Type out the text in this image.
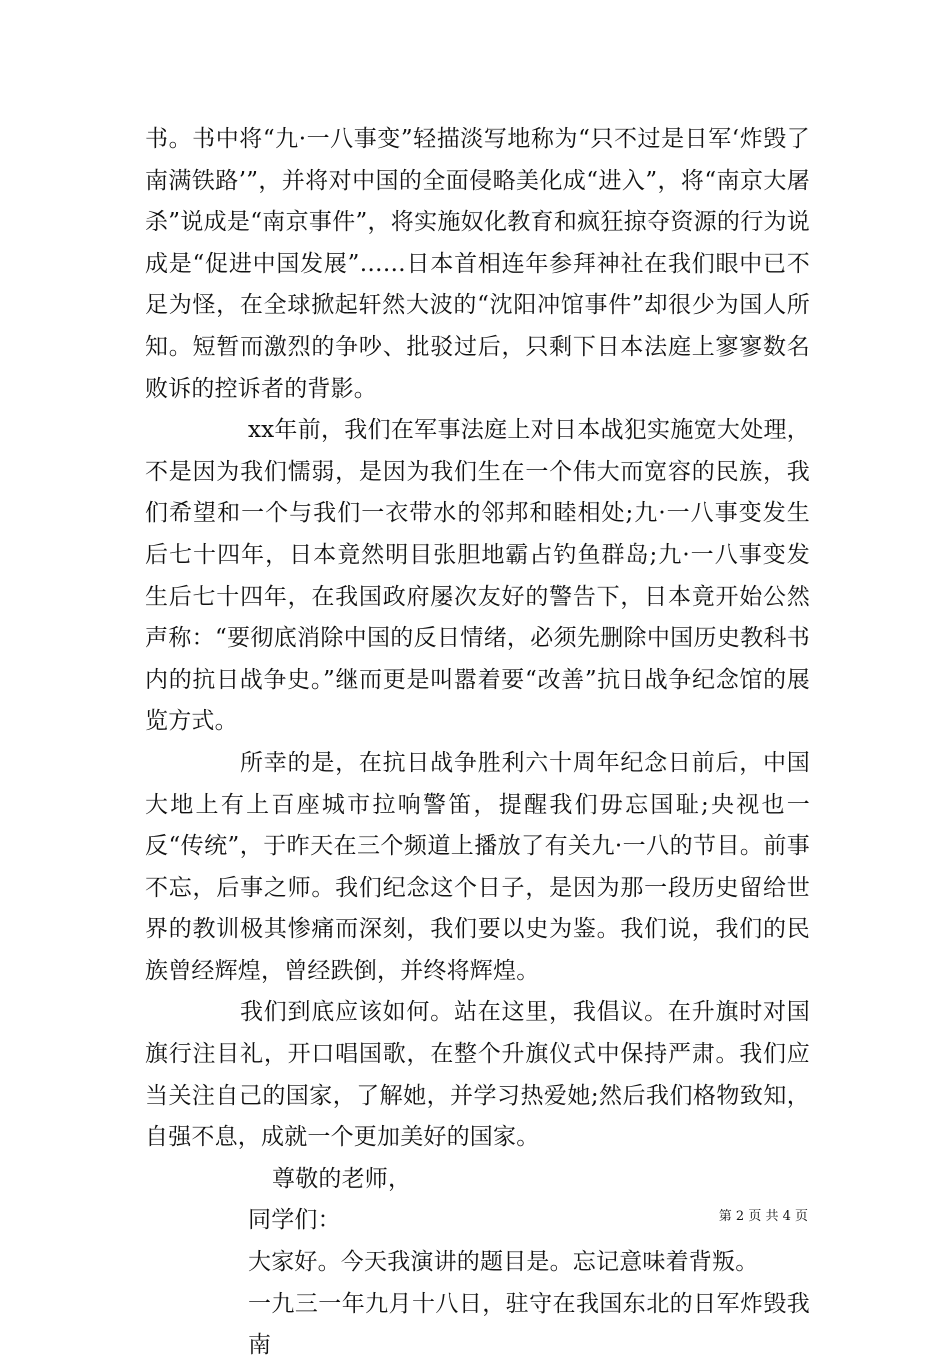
书。书中将“九·一八事变”轻描淡写地称为“只不过是日军‘炸毁了南满铁路’”，并将对中国的全面侵略美化成“进入”，将“南京大屠杀”说成是“南京事件”，将实施奴化教育和疯狂掠夺资源的行为说成是“促进中国发展”……日本首相连年参拜神社在我们眼中已不足为怪，在全球掀起轩然大波的“沈阳冲馆事件”却很少为国人所知。短暂而激烈的争吵、批驳过后，只剩下日本法庭上寥寥数名败诉的控诉者的背影。

xx年前，我们在军事法庭上对日本战犯实施宽大处理，不是因为我们懦弱，是因为我们生在一个伟大而宽容的民族，我们希望和一个与我们一衣带水的邻邦和睦相处;九·一八事变发生后七十四年，日本竟然明目张胆地霸占钓鱼群岛;九·一八事变发生后七十四年，在我国政府屡次友好的警告下，日本竟开始公然声称：“要彻底消除中国的反日情绪，必须先删除中国历史教科书内的抗日战争史。”继而更是叫嚣着要“改善”抗日战争纪念馆的展览方式。

所幸的是，在抗日战争胜利六十周年纪念日前后，中国大地上有上百座城市拉响警笛，提醒我们毋忘国耻;央视也一反“传统”，于昨天在三个频道上播放了有关九·一八的节目。前事不忘，后事之师。我们纪念这个日子，是因为那一段历史留给世界的教训极其惨痛而深刻，我们要以史为鉴。我们说，我们的民族曾经辉煌，曾经跌倒，并终将辉煌。

我们到底应该如何。站在这里，我倡议。在升旗时对国旗行注目礼，开口唱国歌，在整个升旗仪式中保持严肃。我们应当关注自己的国家，了解她，并学习热爱她;然后我们格物致知，自强不息，成就一个更加美好的国家。

尊敬的老师，

同学们：

大家好。今天我演讲的题目是。忘记意味着背叛。

一九三一年九月十八日，驻守在我国东北的日军炸毁我南

第 2 页 共 4 页
